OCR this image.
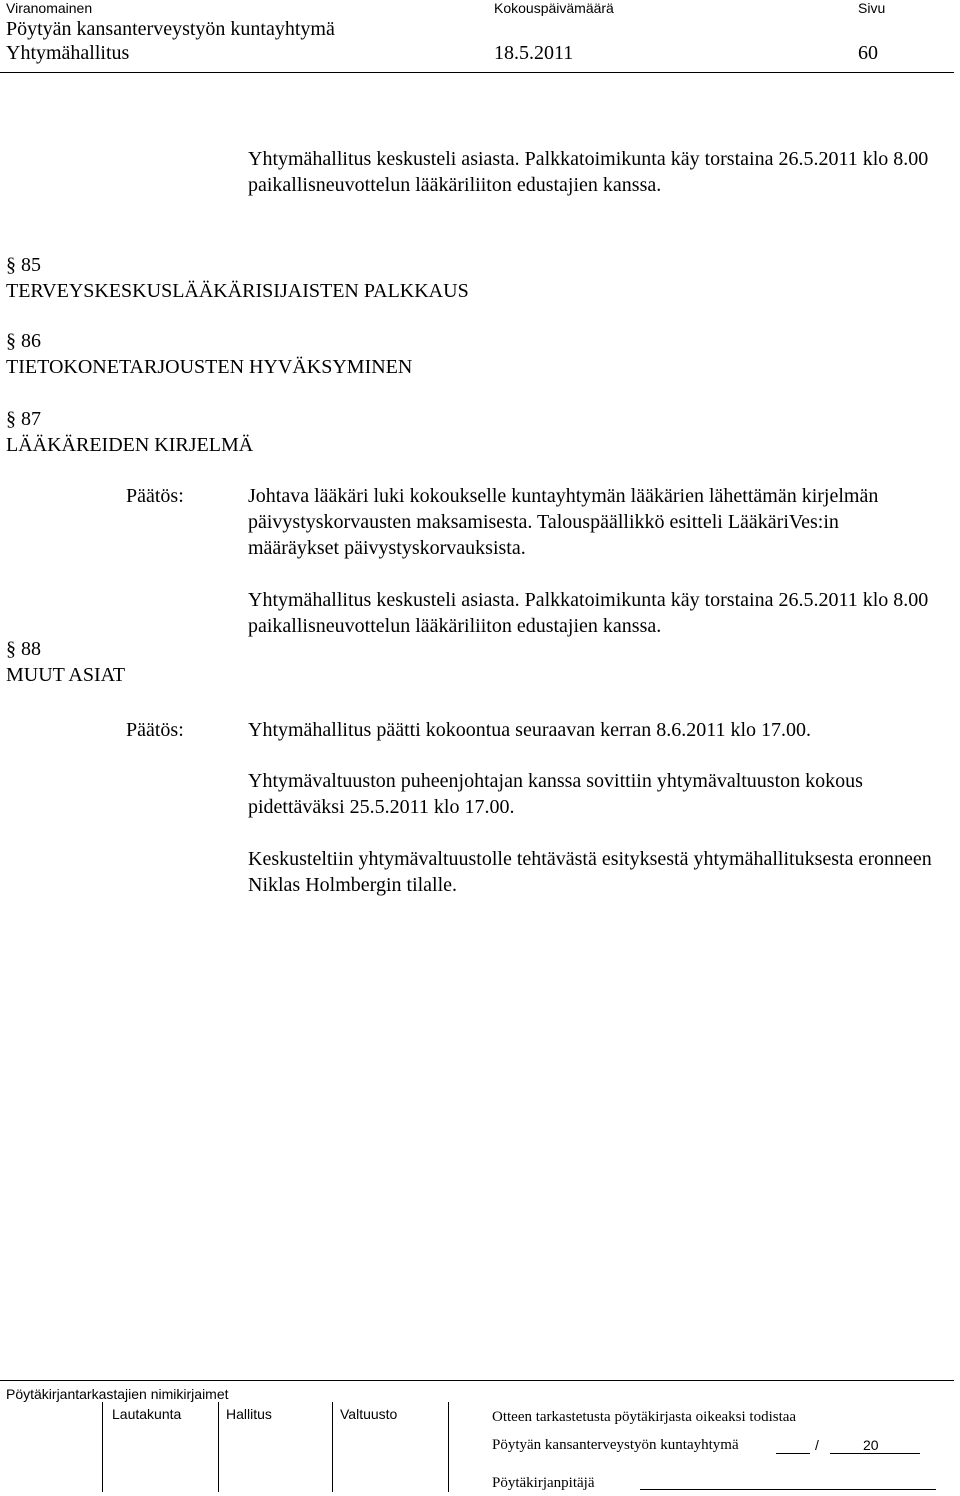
Viranomainen	Kokouspäivämäärä	Sivu
Pöytyän kansanterveystyön kuntayhtymä
Yhtymähallitus	18.5.2011	60
Yhtymähallitus keskusteli asiasta. Palkkatoimikunta käy torstaina 26.5.2011 klo 8.00 paikallisneuvottelun lääkäriliiton edustajien kanssa.
§ 85
TERVEYSKESKUSLÄÄKÄRISIJAISTEN PALKKAUS
§ 86
TIETOKONETARJOUSTEN HYVÄKSYMINEN
§ 87
LÄÄKÄREIDEN KIRJELMÄ
Päätös:	Johtava lääkäri luki kokoukselle kuntayhtymän lääkärien lähettämän kirjelmän päivystyskorvausten maksamisesta. Talouspäällikkö esitteli LääkäriVes:in määräykset päivystyskorvauksista.
Yhtymähallitus keskusteli asiasta. Palkkatoimikunta käy torstaina 26.5.2011 klo 8.00 paikallisneuvottelun lääkäriliiton edustajien kanssa.
§ 88
MUUT ASIAT
Päätös:	Yhtymähallitus päätti kokoontua seuraavan kerran 8.6.2011 klo 17.00.
Yhtymävaltuuston puheenjohtajan kanssa sovittiin yhtymävaltuuston kokous pidettäväksi 25.5.2011 klo 17.00.
Keskusteltiin yhtymävaltuustolle tehtävästä esityksestä yhtymähallituksesta eronneen Niklas Holmbergin tilalle.
Pöytäkirjantarkastajien nimikirjaimet
Lautakunta	Hallitus	Valtuusto	Otteen tarkastetusta pöytäkirjasta oikeaksi todistaa
Pöytyän kansanterveystyön kuntayhtymä	/	20
Pöytäkirjanpitäjä
